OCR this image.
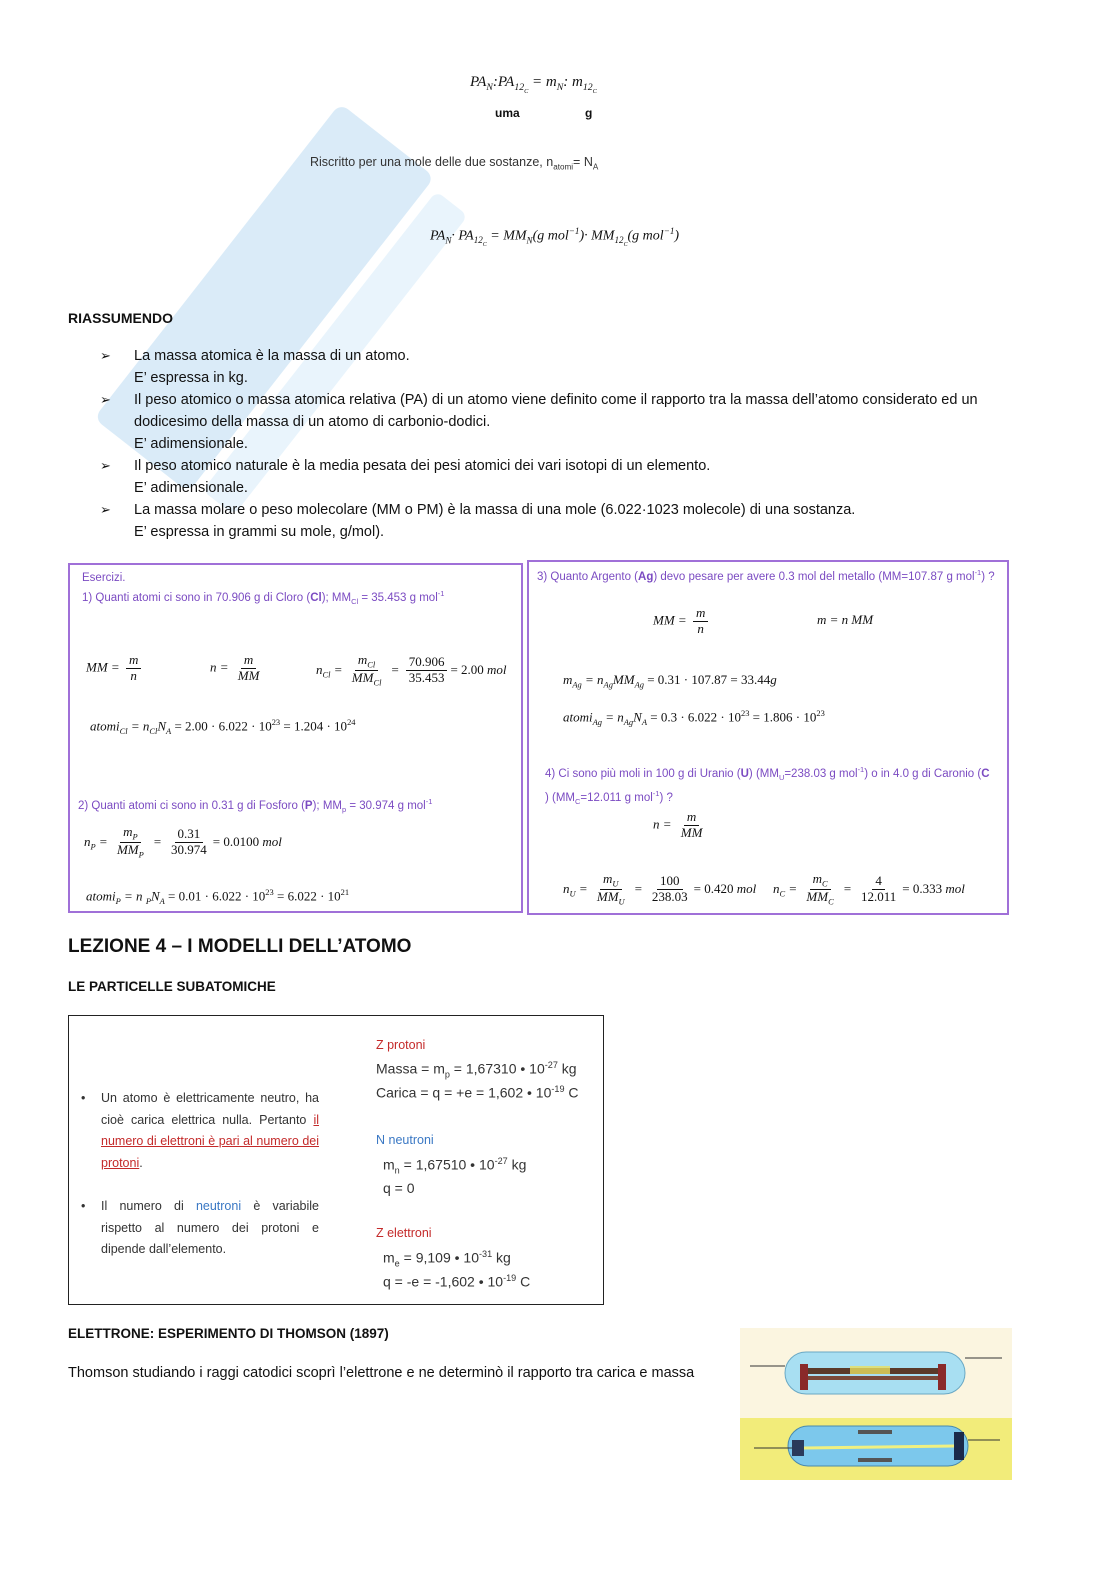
$PA_N:PA_{12_C} = m_N$: $m_{12_C}$
uma	g
Riscritto per una mole delle due sostanze, $n_{atomi}= N_A$
$PA_N\cdot PA_{12_C} = MM_N(g$ $mol^{-1})\cdot MM_{12_C}(g$ mol$^{-1}$)
RIASSUMENDO
➢ La massa atomica è la massa di un atomo.
E’ espressa in kg.
➢ Il peso atomico o massa atomica relativa (PA) di un atomo viene definito come il rapporto tra la massa dell’atomo considerato ed un
dodicesimo della massa di un atomo di carbonio-dodici.
E’ adimensionale.
➢ Il peso atomico naturale è la media pesata dei pesi atomici dei vari isotopi di un elemento.
E’ adimensionale.
➢ La massa molare o peso molecolare (MM o PM) è la massa di una mole (6.022·1023 molecole) di una sostanza.
E’ espressa in grammi su mole, g/mol).
Esercizi.
1) Quanti atomi ci sono in 70.906 g di Cloro (Cl); $MM_{Cl} = 35.453$ g mol$^{-1}$
MM = $\frac{m}{n}$	$n = \frac{m}{MM}$	$n_{Cl} = \frac{m_{Cl}}{MM_{Cl}} = \frac{70.906}{35.453} = 2.00$ mol
atomi$_{Cl}$ = $n_{Cl}N_A = 2.00 \cdot 6.022 \cdot 10^{23} = 1.204 \cdot 10^{24}$
2) Quanti atomi ci sono in 0.31 g di Fosforo (P); $MM_p = 30.974$ g mol$^{-1}$
$n_P = \frac{m_P}{MM_P} = \frac{0.31}{30.974} = 0.0100$ mol
atomi$_P$ = n $_PN_A = 0.01 \cdot 6.022 \cdot 10^{23} = 6.022 \cdot 10^{21}$
3) Quanto Argento (Ag) devo pesare per avere 0.3 mol del metallo (MM=107.87 g mol$^{-1}$) ?
MM = $\frac{m}{n}$	m = n MM
$m_{Ag} = n_{Ag}MM_{Ag} = 0.31 \cdot 107.87 = 33.44g$
atomi$_{Ag}$ = $n_{Ag}N_A = 0.3 \cdot 6.022 \cdot 10^{23} = 1.806 \cdot 10^{23}$
4) Ci sono più moli in 100 g di Uranio (U) ($MM_U=238.03$ g mol$^{-1}$) o in 4.0 g di Caronio (C
) ($MM_C=12.011$ g mol$^{-1}$) ?
$n = \frac{m}{MM}$
$n_U = \frac{m_U}{MM_U} = \frac{100}{238.03} = 0.420$ mol $n_C = \frac{m_C}{MM_C} = \frac{4}{12.011} = 0.333$ mol
LEZIONE 4 – I MODELLI DELL’ATOMO
LE PARTICELLE SUBATOMICHE
•	Un atomo è elettricamente neutro, ha cioè carica elettrica nulla. Pertanto il numero di elettroni è pari al numero dei protoni.
•	Il numero di neutroni è variabile rispetto al numero dei protoni e dipende dall’elemento.
Z protoni
Massa = $m_p = 1,67310$ • $10^{-27}$ kg
Carica = q = +e = 1,602 • $10^{-19}$ C
N neutroni
$m_n = 1,67510$ • $10^{-27}$ kg
q = 0
Z elettroni
$m_e = 9,109$ • $10^{-31}$ kg
q = -e = -1,602 • $10^{-19}$ C
ELETTRONE: ESPERIMENTO DI THOMSON (1897)
Thomson studiando i raggi catodici scoprì l’elettrone e ne determinò il rapporto tra carica e massa
